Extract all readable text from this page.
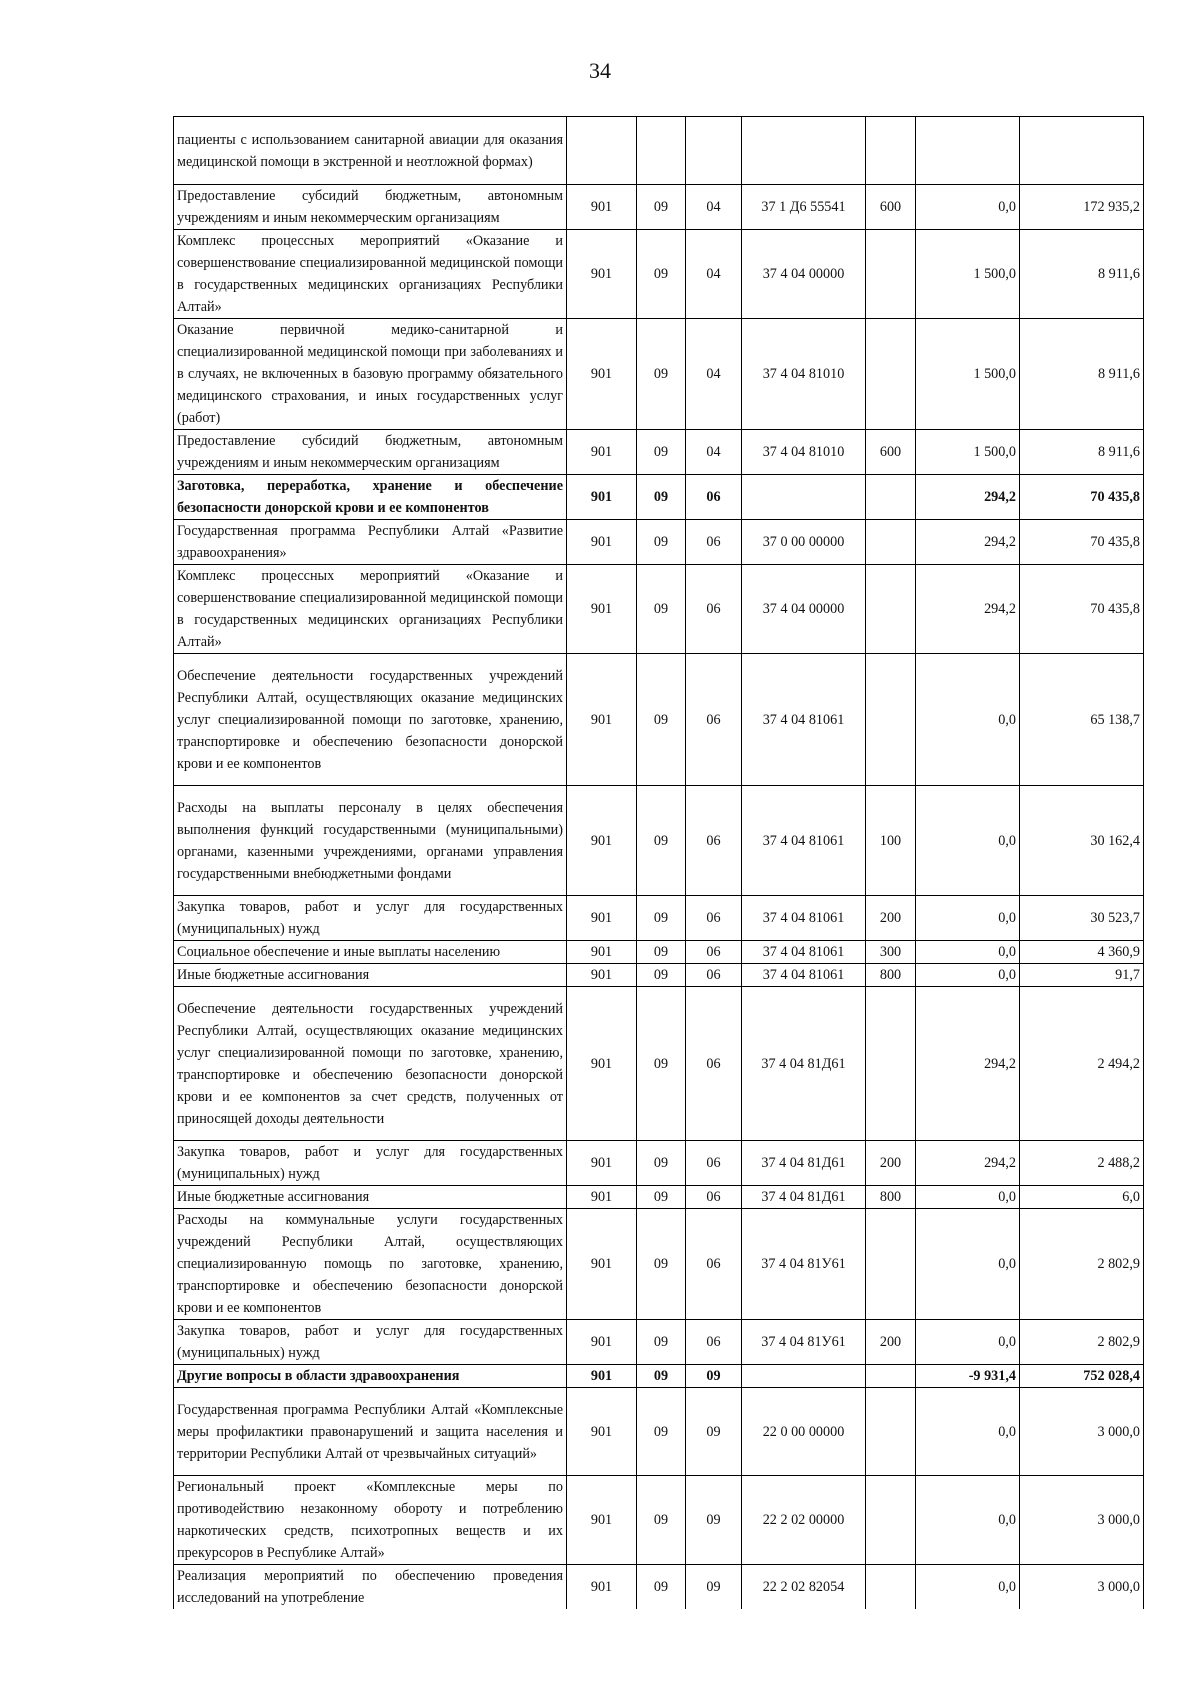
34
пациенты с использованием санитарной авиации для оказания медицинской помощи в экстренной и неотложной формах)							
Предоставление субсидий бюджетным, автономным учреждениям и иным некоммерческим организациям	901	09	04	37 1 Д6 55541	600	0,0	172 935,2
Комплекс процессных мероприятий «Оказание и совершенствование специализированной медицинской помощи в государственных медицинских организациях Республики Алтай»	901	09	04	37 4 04 00000		1 500,0	8 911,6
Оказание первичной медико-санитарной и специализированной медицинской помощи при заболеваниях и в случаях, не включенных в базовую программу обязательного медицинского страхования, и иных государственных услуг (работ)	901	09	04	37 4 04 81010		1 500,0	8 911,6
Предоставление субсидий бюджетным, автономным учреждениям и иным некоммерческим организациям	901	09	04	37 4 04 81010	600	1 500,0	8 911,6
Заготовка, переработка, хранение и обеспечение безопасности донорской крови и ее компонентов	901	09	06			294,2	70 435,8
Государственная программа Республики Алтай «Развитие здравоохранения»	901	09	06	37 0 00 00000		294,2	70 435,8
Комплекс процессных мероприятий «Оказание и совершенствование специализированной медицинской помощи в государственных медицинских организациях Республики Алтай»	901	09	06	37 4 04 00000		294,2	70 435,8
Обеспечение деятельности государственных учреждений Республики Алтай, осуществляющих оказание медицинских услуг специализированной помощи по заготовке, хранению, транспортировке и обеспечению безопасности донорской крови и ее компонентов	901	09	06	37 4 04 81061		0,0	65 138,7
Расходы на выплаты персоналу в целях обеспечения выполнения функций государственными (муниципальными) органами, казенными учреждениями, органами управления государственными внебюджетными фондами	901	09	06	37 4 04 81061	100	0,0	30 162,4
Закупка товаров, работ и услуг для государственных (муниципальных) нужд	901	09	06	37 4 04 81061	200	0,0	30 523,7
Социальное обеспечение и иные выплаты населению	901	09	06	37 4 04 81061	300	0,0	4 360,9
Иные бюджетные ассигнования	901	09	06	37 4 04 81061	800	0,0	91,7
Обеспечение деятельности государственных учреждений Республики Алтай, осуществляющих оказание медицинских услуг специализированной помощи по заготовке, хранению, транспортировке и обеспечению безопасности донорской крови и ее компонентов за счет средств, полученных от приносящей доходы деятельности	901	09	06	37 4 04 81Д61		294,2	2 494,2
Закупка товаров, работ и услуг для государственных (муниципальных) нужд	901	09	06	37 4 04 81Д61	200	294,2	2 488,2
Иные бюджетные ассигнования	901	09	06	37 4 04 81Д61	800	0,0	6,0
Расходы на коммунальные услуги государственных учреждений Республики Алтай, осуществляющих специализированную помощь по заготовке, хранению, транспортировке и обеспечению безопасности донорской крови и ее компонентов	901	09	06	37 4 04 81У61		0,0	2 802,9
Закупка товаров, работ и услуг для государственных (муниципальных) нужд	901	09	06	37 4 04 81У61	200	0,0	2 802,9
Другие вопросы в области здравоохранения	901	09	09			-9 931,4	752 028,4
Государственная программа Республики Алтай «Комплексные меры профилактики правонарушений и защита населения и территории Республики Алтай от чрезвычайных ситуаций»	901	09	09	22 0 00 00000		0,0	3 000,0
Региональный проект «Комплексные меры по противодействию незаконному обороту и потреблению наркотических средств, психотропных веществ и их прекурсоров в Республике Алтай»	901	09	09	22 2 02 00000		0,0	3 000,0
Реализация мероприятий по обеспечению проведения исследований на употребление	901	09	09	22 2 02 82054		0,0	3 000,0
